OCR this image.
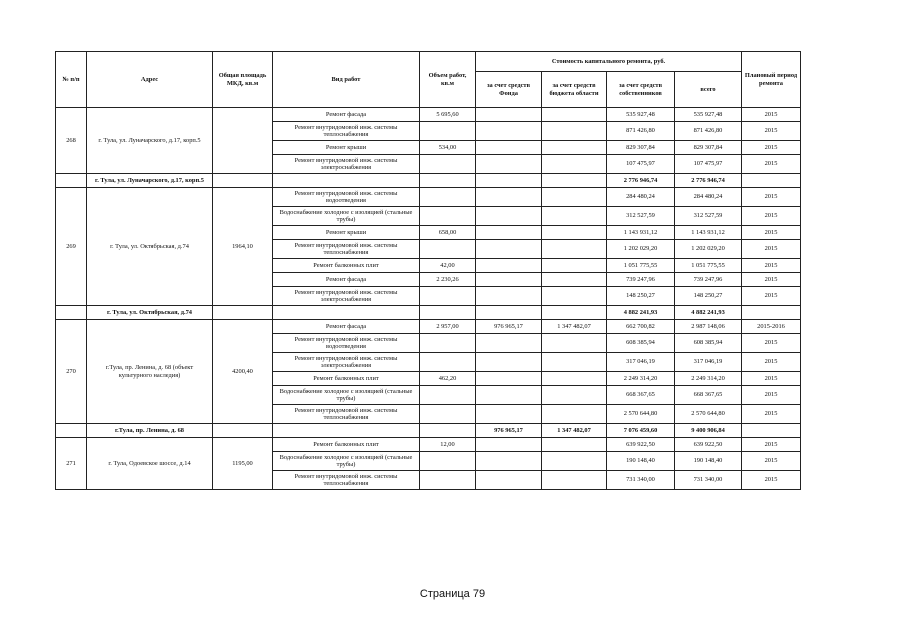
№ п/п	Адрес	Общая площадь МКД, кв.м	Вид работ	Объем работ, кв.м	Стоимость капитального ремонта, руб.				Плановый период ремонта
					за счет средств Фонда	за счет средств бюджета области	за счет средств собственников	всего	
268	г. Тула, ул. Луначарского, д.17, корп.5		Ремонт фасада	5 695,60			535 927,48	535 927,48	2015
			Ремонт внутридомовой инж. системы теплоснабжения				871 426,80	871 426,80	2015
			Ремонт крыши	534,00			829 307,84	829 307,84	2015
			Ремонт внутридомовой инж. системы электроснабжения				107 475,97	107 475,97	2015
	г. Тула, ул. Луначарского, д.17, корп.5						2 776 946,74	2 776 946,74	
269	г. Тула, ул. Октябрьская, д.74	1964,10	Ремонт внутридомовой инж. системы водоотведения				284 480,24	284 480,24	2015
			Водоснабжение холодное с изоляцией (стальные трубы)				312 527,59	312 527,59	2015
			Ремонт крыши	658,00			1 143 931,12	1 143 931,12	2015
			Ремонт внутридомовой инж. системы теплоснабжения				1 202 029,20	1 202 029,20	2015
			Ремонт балконных плит	42,00			1 051 775,55	1 051 775,55	2015
			Ремонт фасада	2 230,26			739 247,96	739 247,96	2015
			Ремонт внутридомовой инж. системы электроснабжения				148 250,27	148 250,27	2015
	г. Тула, ул. Октябрьская, д.74						4 882 241,93	4 882 241,93	
270	г.Тула, пр. Ленина, д. 68 (объект культурного наследия)	4200,40	Ремонт фасада	2 957,00	976 965,17	1 347 482,07	662 700,82	2 987 148,06	2015-2016
			Ремонт внутридомовой инж. системы водоотведения				608 385,94	608 385,94	2015
			Ремонт внутридомовой инж. системы электроснабжения				317 046,19	317 046,19	2015
			Ремонт балконных плит	462,20			2 249 314,20	2 249 314,20	2015
			Водоснабжение холодное с изоляцией (стальные трубы)				668 367,65	668 367,65	2015
			Ремонт внутридомовой инж. системы теплоснабжения				2 570 644,80	2 570 644,80	2015
	г.Тула, пр. Ленина, д. 68				976 965,17	1 347 482,07	7 076 459,60	9 400 906,84	
271	г. Тула, Одоевское шоссе, д.14	1195,00	Ремонт балконных плит	12,00			639 922,50	639 922,50	2015
			Водоснабжение холодное с изоляцией (стальные трубы)				190 148,40	190 148,40	2015
			Ремонт внутридомовой инж. системы теплоснабжения				731 340,00	731 340,00	2015
Страница 79
